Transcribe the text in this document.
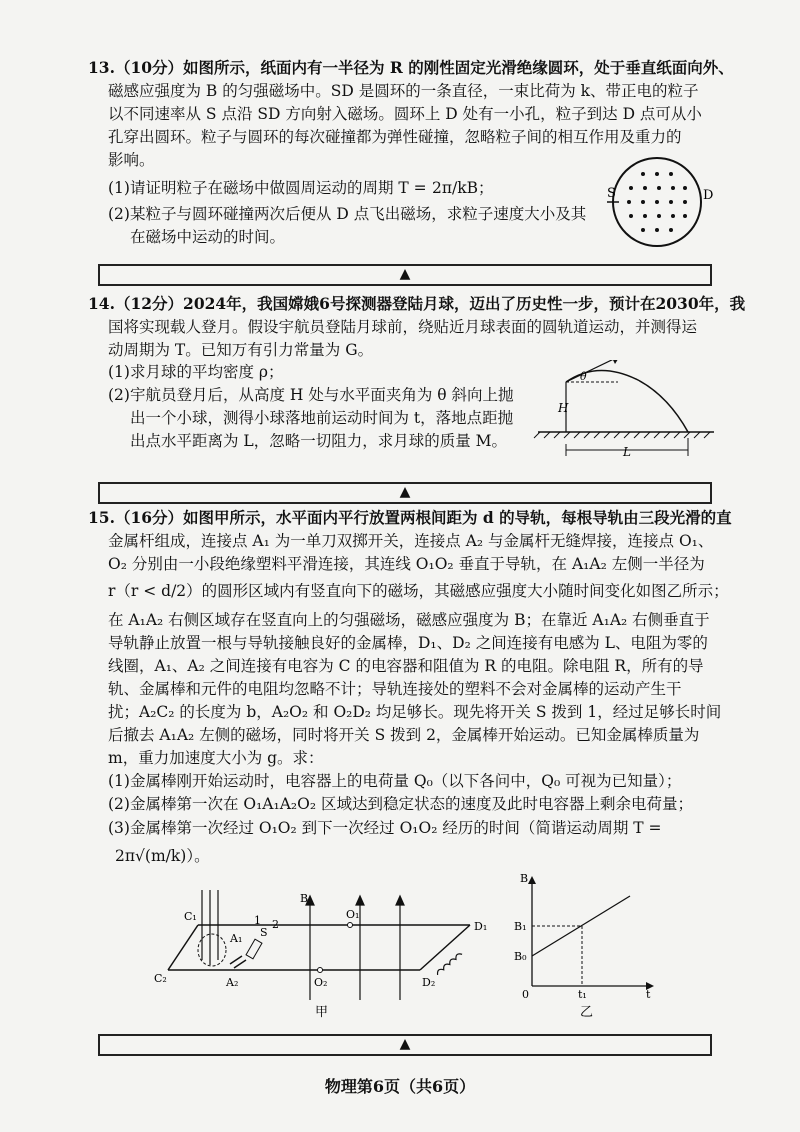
13.（10分）如图所示，纸面内有一半径为 R 的刚性固定光滑绝缘圆环，处于垂直纸面向外、
磁感应强度为 B 的匀强磁场中。SD 是圆环的一条直径，一束比荷为 k、带正电的粒子
以不同速率从 S 点沿 SD 方向射入磁场。圆环上 D 处有一小孔，粒子到达 D 点可从小
孔穿出圆环。粒子与圆环的每次碰撞都为弹性碰撞，忽略粒子间的相互作用及重力的
影响。
(1)请证明粒子在磁场中做圆周运动的周期 T = 2π/kB；
(2)某粒子与圆环碰撞两次后便从 D 点飞出磁场，求粒子速度大小及其
在磁场中运动的时间。
S	D
▲
14.（12分）2024年，我国嫦娥6号探测器登陆月球，迈出了历史性一步，预计在2030年，我
国将实现载人登月。假设宇航员登陆月球前，绕贴近月球表面的圆轨道运动，并测得运
动周期为 T。已知万有引力常量为 G。
(1)求月球的平均密度 ρ；
(2)宇航员登月后，从高度 H 处与水平面夹角为 θ 斜向上抛
出一个小球，测得小球落地前运动时间为 t，落地点距抛
出点水平距离为 L，忽略一切阻力，求月球的质量 M。
θ
H
L
▲
15.（16分）如图甲所示，水平面内平行放置两根间距为 d 的导轨，每根导轨由三段光滑的直
金属杆组成，连接点 A₁ 为一单刀双掷开关，连接点 A₂ 与金属杆无缝焊接，连接点 O₁、
O₂ 分别由一小段绝缘塑料平滑连接，其连线 O₁O₂ 垂直于导轨，在 A₁A₂ 左侧一半径为
r（r < d/2）的圆形区域内有竖直向下的磁场，其磁感应强度大小随时间变化如图乙所示；
在 A₁A₂ 右侧区域存在竖直向上的匀强磁场，磁感应强度为 B；在靠近 A₁A₂ 右侧垂直于
导轨静止放置一根与导轨接触良好的金属棒，D₁、D₂ 之间连接有电感为 L、电阻为零的
线圈，A₁、A₂ 之间连接有电容为 C 的电容器和阻值为 R 的电阻。除电阻 R，所有的导
轨、金属棒和元件的电阻均忽略不计；导轨连接处的塑料不会对金属棒的运动产生干
扰；A₂C₂ 的长度为 b，A₂O₂ 和 O₂D₂ 均足够长。现先将开关 S 拨到 1，经过足够长时间
后撤去 A₁A₂ 左侧的磁场，同时将开关 S 拨到 2，金属棒开始运动。已知金属棒质量为
m，重力加速度大小为 g。求：
(1)金属棒刚开始运动时，电容器上的电荷量 Q₀（以下各问中，Q₀ 可视为已知量）；
(2)金属棒第一次在 O₁A₁A₂O₂ 区域达到稳定状态的速度及此时电容器上剩余电荷量；
(3)金属棒第一次经过 O₁O₂ 到下一次经过 O₁O₂ 经历的时间（简谐运动周期 T =
2π√(m/k)）。
C₁
C₂
A₁
A₂
S
1 2
B
O₁
O₂
D₁
D₂
甲
B
B₁
B₀
0	t₁	t
乙
▲
物理第6页（共6页）
